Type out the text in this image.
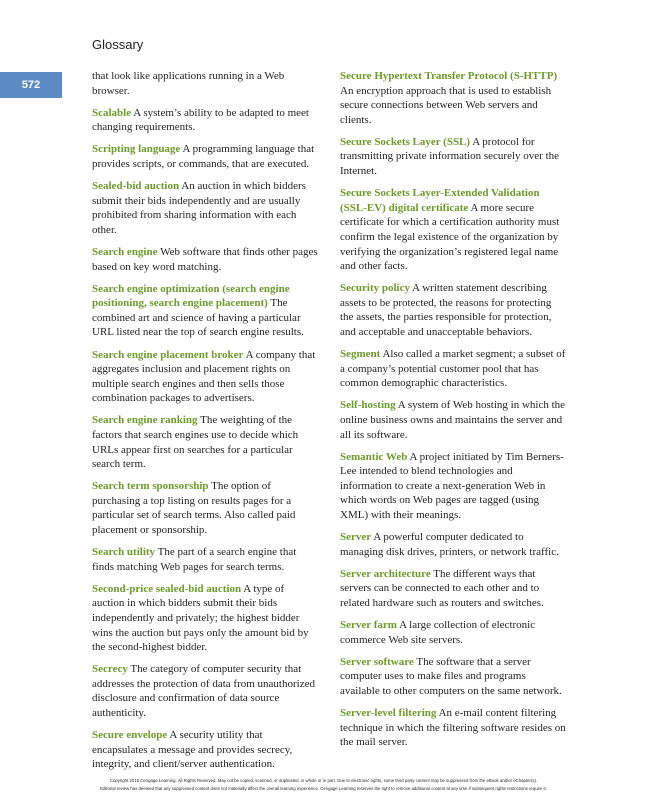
Glossary
572

that look like applications running in a Web browser.

Scalable A system’s ability to be adapted to meet changing requirements.

Scripting language A programming language that provides scripts, or commands, that are executed.

Sealed-bid auction An auction in which bidders submit their bids independently and are usually prohibited from sharing information with each other.

Search engine Web software that finds other pages based on key word matching.

Search engine optimization (search engine positioning, search engine placement) The combined art and science of having a particular URL listed near the top of search engine results.

Search engine placement broker A company that aggregates inclusion and placement rights on multiple search engines and then sells those combination packages to advertisers.

Search engine ranking The weighting of the factors that search engines use to decide which URLs appear first on searches for a particular search term.

Search term sponsorship The option of purchasing a top listing on results pages for a particular set of search terms. Also called paid placement or sponsorship.

Search utility The part of a search engine that finds matching Web pages for search terms.

Second-price sealed-bid auction A type of auction in which bidders submit their bids independently and privately; the highest bidder wins the auction but pays only the amount bid by the second-highest bidder.

Secrecy The category of computer security that addresses the protection of data from unauthorized disclosure and confirmation of data source authenticity.

Secure envelope A security utility that encapsulates a message and provides secrecy, integrity, and client/server authentication.

Secure Hypertext Transfer Protocol (S-HTTP) An encryption approach that is used to establish secure connections between Web servers and clients.

Secure Sockets Layer (SSL) A protocol for transmitting private information securely over the Internet.

Secure Sockets Layer-Extended Validation (SSL-EV) digital certificate A more secure certificate for which a certification authority must confirm the legal existence of the organization by verifying the organization’s registered legal name and other facts.

Security policy A written statement describing assets to be protected, the reasons for protecting the assets, the parties responsible for protection, and acceptable and unacceptable behaviors.

Segment Also called a market segment; a subset of a company’s potential customer pool that has common demographic characteristics.

Self-hosting A system of Web hosting in which the online business owns and maintains the server and all its software.

Semantic Web A project initiated by Tim Berners-Lee intended to blend technologies and information to create a next-generation Web in which words on Web pages are tagged (using XML) with their meanings.

Server A powerful computer dedicated to managing disk drives, printers, or network traffic.

Server architecture The different ways that servers can be connected to each other and to related hardware such as routers and switches.

Server farm A large collection of electronic commerce Web site servers.

Server software The software that a server computer uses to make files and programs available to other computers on the same network.

Server-level filtering An e-mail content filtering technique in which the filtering software resides on the mail server.

Copyright 2015 Cengage Learning. All Rights Reserved. May not be copied, scanned, or duplicated, in whole or in part. Due to electronic rights, some third party content may be suppressed from the eBook and/or eChapter(s).
Editorial review has deemed that any suppressed content does not materially affect the overall learning experience. Cengage Learning reserves the right to remove additional content at any time if subsequent rights restrictions require it.
